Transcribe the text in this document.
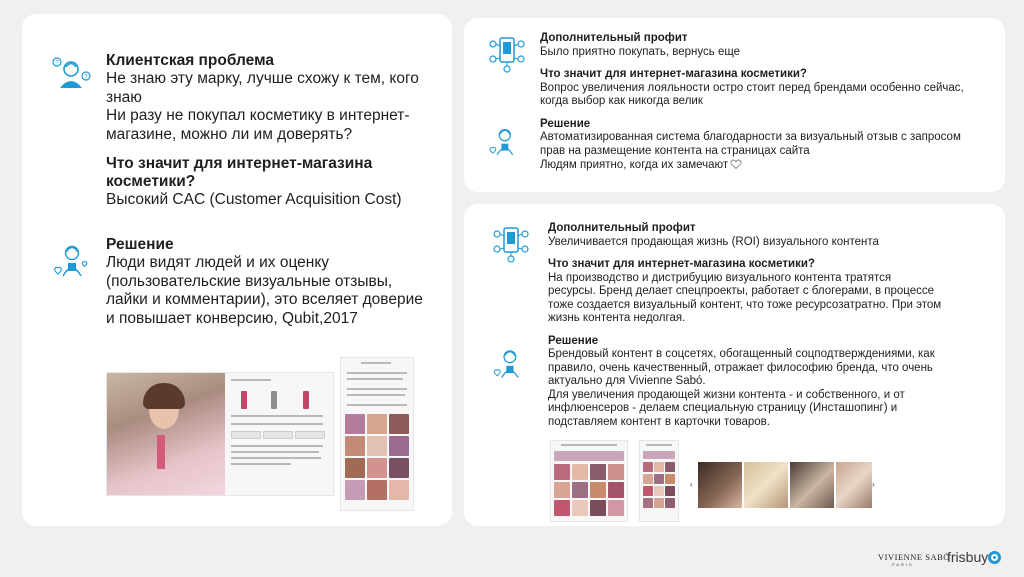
?
?
Клиентская проблема
Не знаю эту марку, лучше схожу к тем, кого
знаю
Ни разу не покупал косметику в интернет-
магазине, можно ли им доверять?
Что значит для интернет-магазина
косметики?
Высокий CAC (Customer Acquisition Cost)
Решение
Люди видят людей и их оценку
(пользовательские визуальные отзывы,
лайки и комментарии), это вселяет доверие
и повышает конверсию, Qubit,2017
Дополнительный профит
Было приятно покупать, вернусь еще
Что значит для интернет-магазина косметики?
Вопрос увеличения лояльности остро стоит перед брендами особенно сейчас,
когда выбор как никогда велик
Решение
Автоматизированная система благодарности за визуальный отзыв с запросом
прав на размещение контента на страницах сайта
Людям приятно, когда их замечают
Дополнительный профит
Увеличивается продающая жизнь (ROI) визуального контента
Что значит для интернет-магазина косметики?
На производство и дистрибуцию визуального контента тратятся
ресурсы. Бренд делает спецпроекты, работает с блогерами, в процессе
тоже создается визуальный контент, что тоже ресурсозатратно. При этом
жизнь контента недолгая.
Решение
Брендовый контент в соцсетях, обогащенный соцподтверждениями, как
правило, очень качественный, отражает философию бренда, что очень
актуально для Vivienne Sabó.
Для увеличения продающей жизни контента - и собственного, и от
инфлюенсеров - делаем специальную страницу (Инсташопинг) и
подставляем контент в карточки товаров.
‹	›
VIVIENNE SABÓ
PARIS frisbuy
